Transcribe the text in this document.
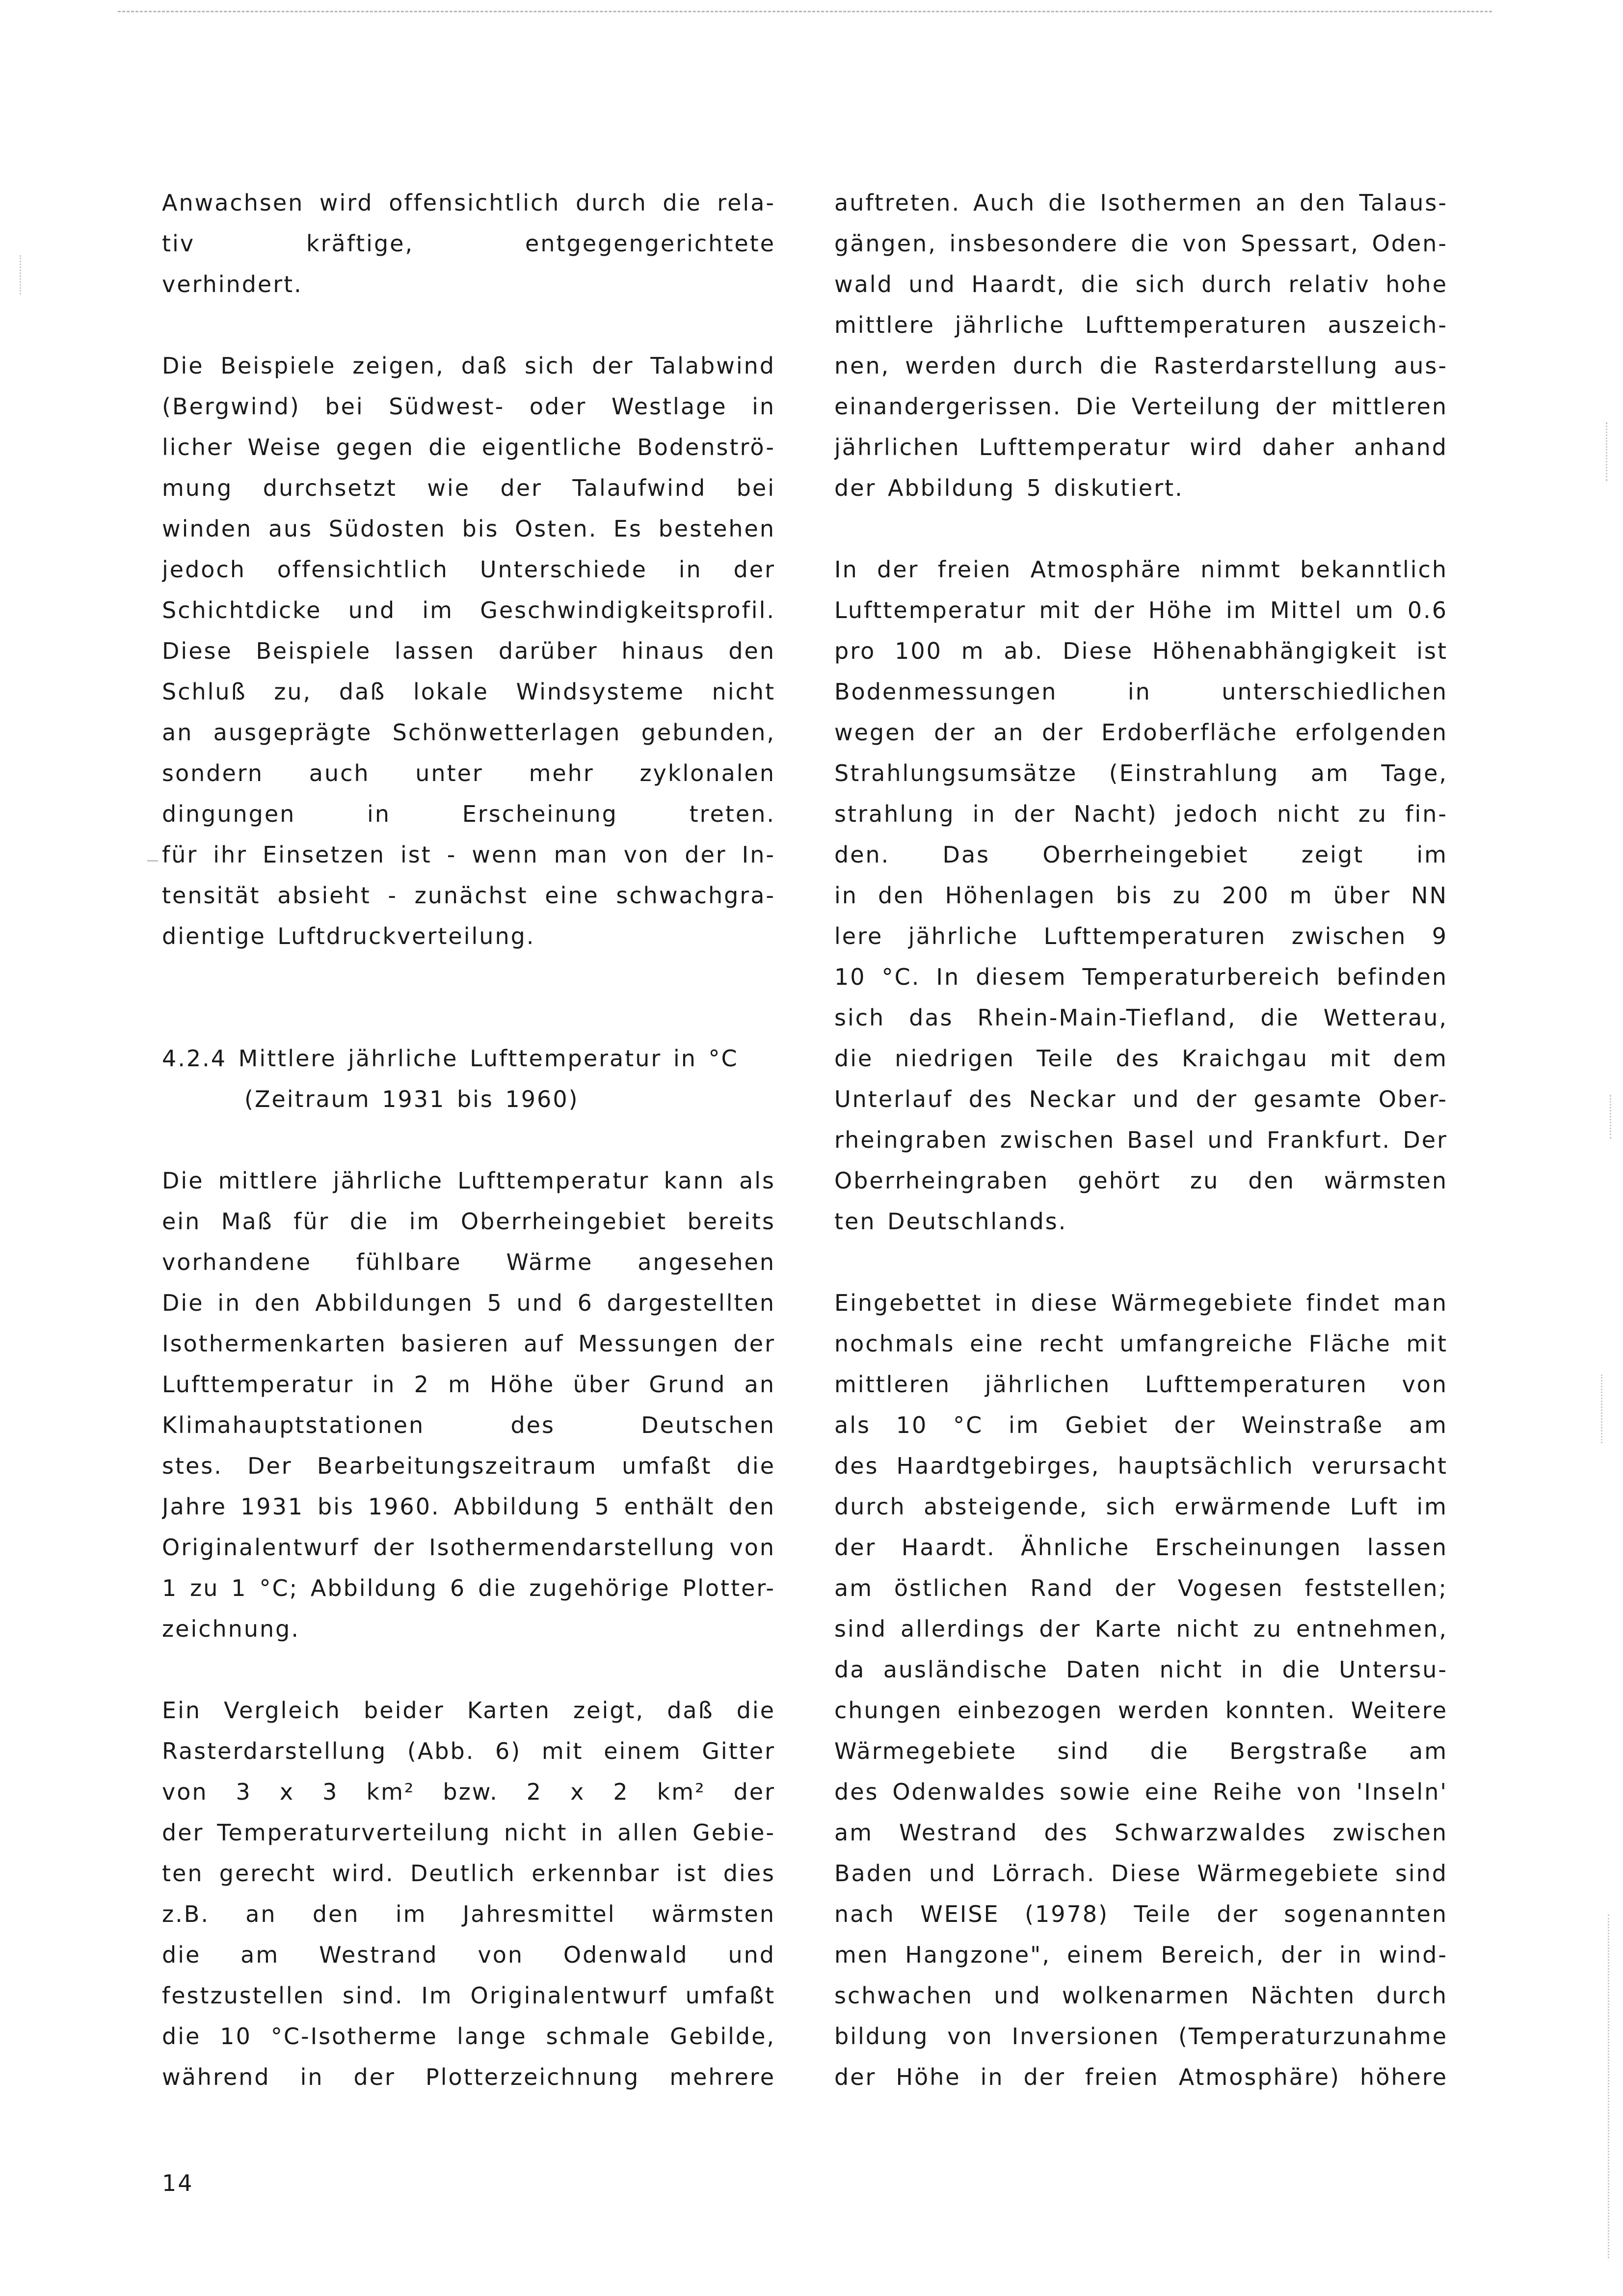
Anwachsen wird offensichtlich durch die rela-
tiv kräftige, entgegengerichtete
verhindert.
Die Beispiele zeigen, daß sich der Talabwind
(Bergwind) bei Südwest- oder Westlage in
licher Weise gegen die eigentliche Bodenströ-
mung durchsetzt wie der Talaufwind bei
winden aus Südosten bis Osten. Es bestehen
jedoch offensichtlich Unterschiede in der
Schichtdicke und im Geschwindigkeitsprofil.
Diese Beispiele lassen darüber hinaus den
Schluß zu, daß lokale Windsysteme nicht
an ausgeprägte Schönwetterlagen gebunden,
sondern auch unter mehr zyklonalen
dingungen in Erscheinung treten.
für ihr Einsetzen ist - wenn man von der In-
tensität absieht - zunächst eine schwachgra-
dientige Luftdruckverteilung.
4.2.4 Mittlere jährliche Lufttemperatur in °C
(Zeitraum 1931 bis 1960)
Die mittlere jährliche Lufttemperatur kann als
ein Maß für die im Oberrheingebiet bereits
vorhandene fühlbare Wärme angesehen
Die in den Abbildungen 5 und 6 dargestellten
Isothermenkarten basieren auf Messungen der
Lufttemperatur in 2 m Höhe über Grund an
Klimahauptstationen des Deutschen
stes. Der Bearbeitungszeitraum umfaßt die
Jahre 1931 bis 1960. Abbildung 5 enthält den
Originalentwurf der Isothermendarstellung von
1 zu 1 °C; Abbildung 6 die zugehörige Plotter-
zeichnung.
Ein Vergleich beider Karten zeigt, daß die
Rasterdarstellung (Abb. 6) mit einem Gitter
von 3 x 3 km² bzw. 2 x 2 km² der
der Temperaturverteilung nicht in allen Gebie-
ten gerecht wird. Deutlich erkennbar ist dies
z.B. an den im Jahresmittel wärmsten
die am Westrand von Odenwald und
festzustellen sind. Im Originalentwurf umfaßt
die 10 °C-Isotherme lange schmale Gebilde,
während in der Plotterzeichnung mehrere
auftreten. Auch die Isothermen an den Talaus-
gängen, insbesondere die von Spessart, Oden-
wald und Haardt, die sich durch relativ hohe
mittlere jährliche Lufttemperaturen auszeich-
nen, werden durch die Rasterdarstellung aus-
einandergerissen. Die Verteilung der mittleren
jährlichen Lufttemperatur wird daher anhand
der Abbildung 5 diskutiert.
In der freien Atmosphäre nimmt bekanntlich
Lufttemperatur mit der Höhe im Mittel um 0.6
pro 100 m ab. Diese Höhenabhängigkeit ist
Bodenmessungen in unterschiedlichen
wegen der an der Erdoberfläche erfolgenden
Strahlungsumsätze (Einstrahlung am Tage,
strahlung in der Nacht) jedoch nicht zu fin-
den. Das Oberrheingebiet zeigt im
in den Höhenlagen bis zu 200 m über NN
lere jährliche Lufttemperaturen zwischen 9
10 °C. In diesem Temperaturbereich befinden
sich das Rhein-Main-Tiefland, die Wetterau,
die niedrigen Teile des Kraichgau mit dem
Unterlauf des Neckar und der gesamte Ober-
rheingraben zwischen Basel und Frankfurt. Der
Oberrheingraben gehört zu den wärmsten
ten Deutschlands.
Eingebettet in diese Wärmegebiete findet man
nochmals eine recht umfangreiche Fläche mit
mittleren jährlichen Lufttemperaturen von
als 10 °C im Gebiet der Weinstraße am
des Haardtgebirges, hauptsächlich verursacht
durch absteigende, sich erwärmende Luft im
der Haardt. Ähnliche Erscheinungen lassen
am östlichen Rand der Vogesen feststellen;
sind allerdings der Karte nicht zu entnehmen,
da ausländische Daten nicht in die Untersu-
chungen einbezogen werden konnten. Weitere
Wärmegebiete sind die Bergstraße am
des Odenwaldes sowie eine Reihe von 'Inseln'
am Westrand des Schwarzwaldes zwischen
Baden und Lörrach. Diese Wärmegebiete sind
nach WEISE (1978) Teile der sogenannten
men Hangzone", einem Bereich, der in wind-
schwachen und wolkenarmen Nächten durch
bildung von Inversionen (Temperaturzunahme
der Höhe in der freien Atmosphäre) höhere
14
